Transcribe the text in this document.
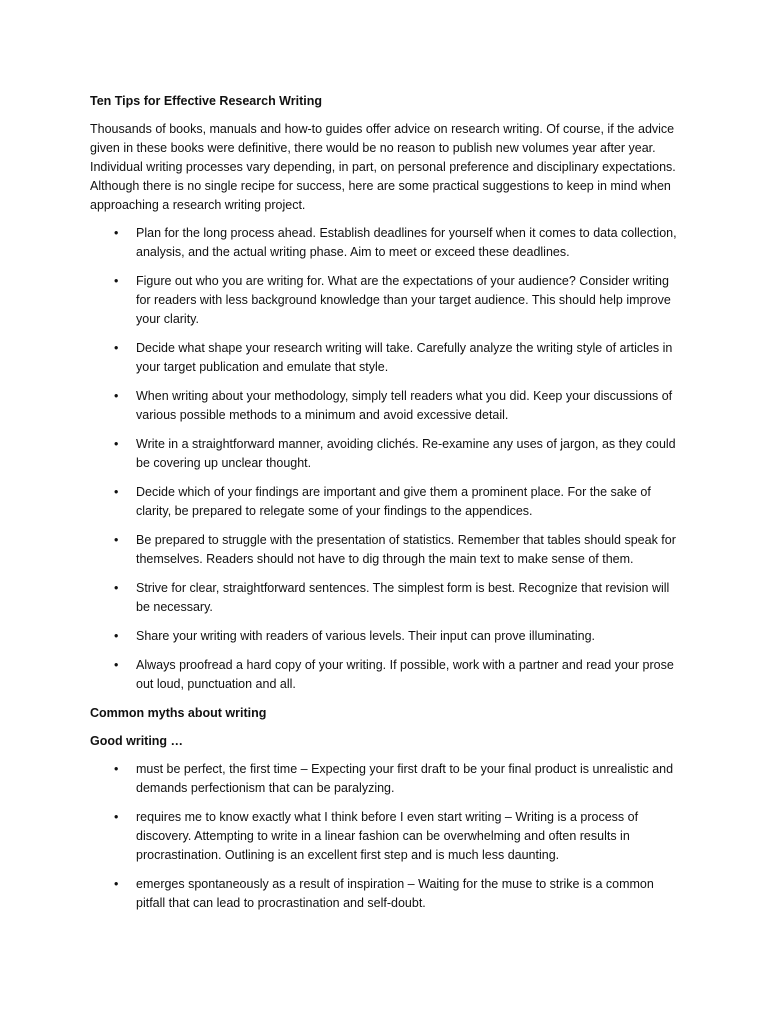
Ten Tips for Effective Research Writing
Thousands of books, manuals and how-to guides offer advice on research writing. Of course, if the advice given in these books were definitive, there would be no reason to publish new volumes year after year. Individual writing processes vary depending, in part, on personal preference and disciplinary expectations. Although there is no single recipe for success, here are some practical suggestions to keep in mind when approaching a research writing project.
• Plan for the long process ahead. Establish deadlines for yourself when it comes to data collection, analysis, and the actual writing phase. Aim to meet or exceed these deadlines.
• Figure out who you are writing for. What are the expectations of your audience? Consider writing for readers with less background knowledge than your target audience. This should help improve your clarity.
• Decide what shape your research writing will take. Carefully analyze the writing style of articles in your target publication and emulate that style.
• When writing about your methodology, simply tell readers what you did. Keep your discussions of various possible methods to a minimum and avoid excessive detail.
• Write in a straightforward manner, avoiding clichés. Re-examine any uses of jargon, as they could be covering up unclear thought.
• Decide which of your findings are important and give them a prominent place. For the sake of clarity, be prepared to relegate some of your findings to the appendices.
• Be prepared to struggle with the presentation of statistics. Remember that tables should speak for themselves. Readers should not have to dig through the main text to make sense of them.
• Strive for clear, straightforward sentences. The simplest form is best. Recognize that revision will be necessary.
• Share your writing with readers of various levels. Their input can prove illuminating.
• Always proofread a hard copy of your writing. If possible, work with a partner and read your prose out loud, punctuation and all.
Common myths about writing
Good writing …
• must be perfect, the first time – Expecting your first draft to be your final product is unrealistic and demands perfectionism that can be paralyzing.
• requires me to know exactly what I think before I even start writing – Writing is a process of discovery. Attempting to write in a linear fashion can be overwhelming and often results in procrastination. Outlining is an excellent first step and is much less daunting.
• emerges spontaneously as a result of inspiration – Waiting for the muse to strike is a common pitfall that can lead to procrastination and self-doubt.
